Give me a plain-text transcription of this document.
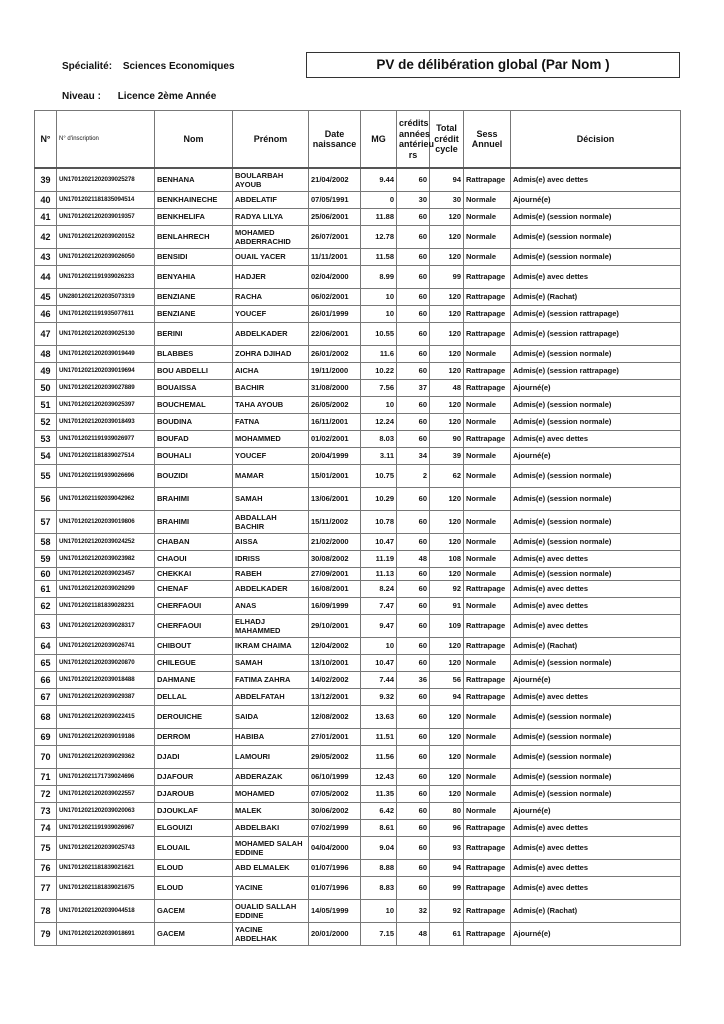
Spécialité: Sciences Economiques
Niveau : Licence 2ème Année
PV de délibération global (Par Nom )
N°	N° d'inscription	Nom	Prénom	Date naissance	MG	crédits années antérieu rs	Total crédit cycle	Sess Annuel	Décision
39	UN17012021202039025278	BENHANA	BOULARBAH AYOUB	21/04/2002	9.44	60	94	Rattrapage	Admis(e) avec dettes
40	UN17012021181835094514	BENKHAINECHE	ABDELATIF	07/05/1991	0	30	30	Normale	Ajourné(e)
41	UN17012021202039019357	BENKHELIFA	RADYA LILYA	25/06/2001	11.88	60	120	Normale	Admis(e) (session normale)
42	UN17012021202039020152	BENLAHRECH	MOHAMED ABDERRACHID	26/07/2001	12.78	60	120	Normale	Admis(e) (session normale)
43	UN17012021202039026050	BENSIDI	OUAIL YACER	11/11/2001	11.58	60	120	Normale	Admis(e) (session normale)
44	UN17012021191939026233	BENYAHIA	HADJER	02/04/2000	8.99	60	99	Rattrapage	Admis(e) avec dettes
45	UN28012021202035073319	BENZIANE	RACHA	06/02/2001	10	60	120	Rattrapage	Admis(e) (Rachat)
46	UN17012021191935077611	BENZIANE	YOUCEF	26/01/1999	10	60	120	Rattrapage	Admis(e) (session rattrapage)
47	UN17012021202039025130	BERINI	ABDELKADER	22/06/2001	10.55	60	120	Rattrapage	Admis(e) (session rattrapage)
48	UN17012021202039019449	BLABBES	ZOHRA DJIHAD	26/01/2002	11.6	60	120	Normale	Admis(e) (session normale)
49	UN17012021202039019694	BOU ABDELLI	AICHA	19/11/2000	10.22	60	120	Rattrapage	Admis(e) (session rattrapage)
50	UN17012021202039027889	BOUAISSA	BACHIR	31/08/2000	7.56	37	48	Rattrapage	Ajourné(e)
51	UN17012021202039025397	BOUCHEMAL	TAHA AYOUB	26/05/2002	10	60	120	Normale	Admis(e) (session normale)
52	UN17012021202039018493	BOUDINA	FATNA	16/11/2001	12.24	60	120	Normale	Admis(e) (session normale)
53	UN17012021191939026977	BOUFAD	MOHAMMED	01/02/2001	8.03	60	90	Rattrapage	Admis(e) avec dettes
54	UN17012021181839027514	BOUHALI	YOUCEF	20/04/1999	3.11	34	39	Normale	Ajourné(e)
55	UN17012021191939026696	BOUZIDI	MAMAR	15/01/2001	10.75	2	62	Normale	Admis(e) (session normale)
56	UN17012021192039042962	BRAHIMI	SAMAH	13/06/2001	10.29	60	120	Normale	Admis(e) (session normale)
57	UN17012021202039019806	BRAHIMI	ABDALLAH BACHIR	15/11/2002	10.78	60	120	Normale	Admis(e) (session normale)
58	UN17012021202039024252	CHABAN	AISSA	21/02/2000	10.47	60	120	Normale	Admis(e) (session normale)
59	UN17012021202039023982	CHAOUI	IDRISS	30/08/2002	11.19	48	108	Normale	Admis(e) avec dettes
60	UN17012021202039023457	CHEKKAI	RABEH	27/09/2001	11.13	60	120	Normale	Admis(e) (session normale)
61	UN17012021202039029299	CHENAF	ABDELKADER	16/08/2001	8.24	60	92	Rattrapage	Admis(e) avec dettes
62	UN17012021181839028231	CHERFAOUI	ANAS	16/09/1999	7.47	60	91	Normale	Admis(e) avec dettes
63	UN17012021202039028317	CHERFAOUI	ELHADJ MAHAMMED	29/10/2001	9.47	60	109	Rattrapage	Admis(e) avec dettes
64	UN17012021202039026741	CHIBOUT	IKRAM CHAIMA	12/04/2002	10	60	120	Rattrapage	Admis(e) (Rachat)
65	UN17012021202039020870	CHILEGUE	SAMAH	13/10/2001	10.47	60	120	Normale	Admis(e) (session normale)
66	UN17012021202039018488	DAHMANE	FATIMA ZAHRA	14/02/2002	7.44	36	56	Rattrapage	Ajourné(e)
67	UN17012021202039029387	DELLAL	ABDELFATAH	13/12/2001	9.32	60	94	Rattrapage	Admis(e) avec dettes
68	UN17012021202039022415	DEROUICHE	SAIDA	12/08/2002	13.63	60	120	Normale	Admis(e) (session normale)
69	UN17012021202039019186	DERROM	HABIBA	27/01/2001	11.51	60	120	Normale	Admis(e) (session normale)
70	UN17012021202039029362	DJADI	LAMOURI	29/05/2002	11.56	60	120	Normale	Admis(e) (session normale)
71	UN17012021171739024696	DJAFOUR	ABDERAZAK	06/10/1999	12.43	60	120	Normale	Admis(e) (session normale)
72	UN17012021202039022557	DJAROUB	MOHAMED	07/05/2002	11.35	60	120	Normale	Admis(e) (session normale)
73	UN17012021202039020063	DJOUKLAF	MALEK	30/06/2002	6.42	60	80	Normale	Ajourné(e)
74	UN17012021191939026967	ELGOUIZI	ABDELBAKI	07/02/1999	8.61	60	96	Rattrapage	Admis(e) avec dettes
75	UN17012021202039025743	ELOUAIL	MOHAMED SALAH EDDINE	04/04/2000	9.04	60	93	Rattrapage	Admis(e) avec dettes
76	UN17012021181839021621	ELOUD	ABD ELMALEK	01/07/1996	8.88	60	94	Rattrapage	Admis(e) avec dettes
77	UN17012021181839021675	ELOUD	YACINE	01/07/1996	8.83	60	99	Rattrapage	Admis(e) avec dettes
78	UN17012021202039044518	GACEM	OUALID SALLAH EDDINE	14/05/1999	10	32	92	Rattrapage	Admis(e) (Rachat)
79	UN17012021202039018691	GACEM	YACINE ABDELHAK	20/01/2000	7.15	48	61	Rattrapage	Ajourné(e)
